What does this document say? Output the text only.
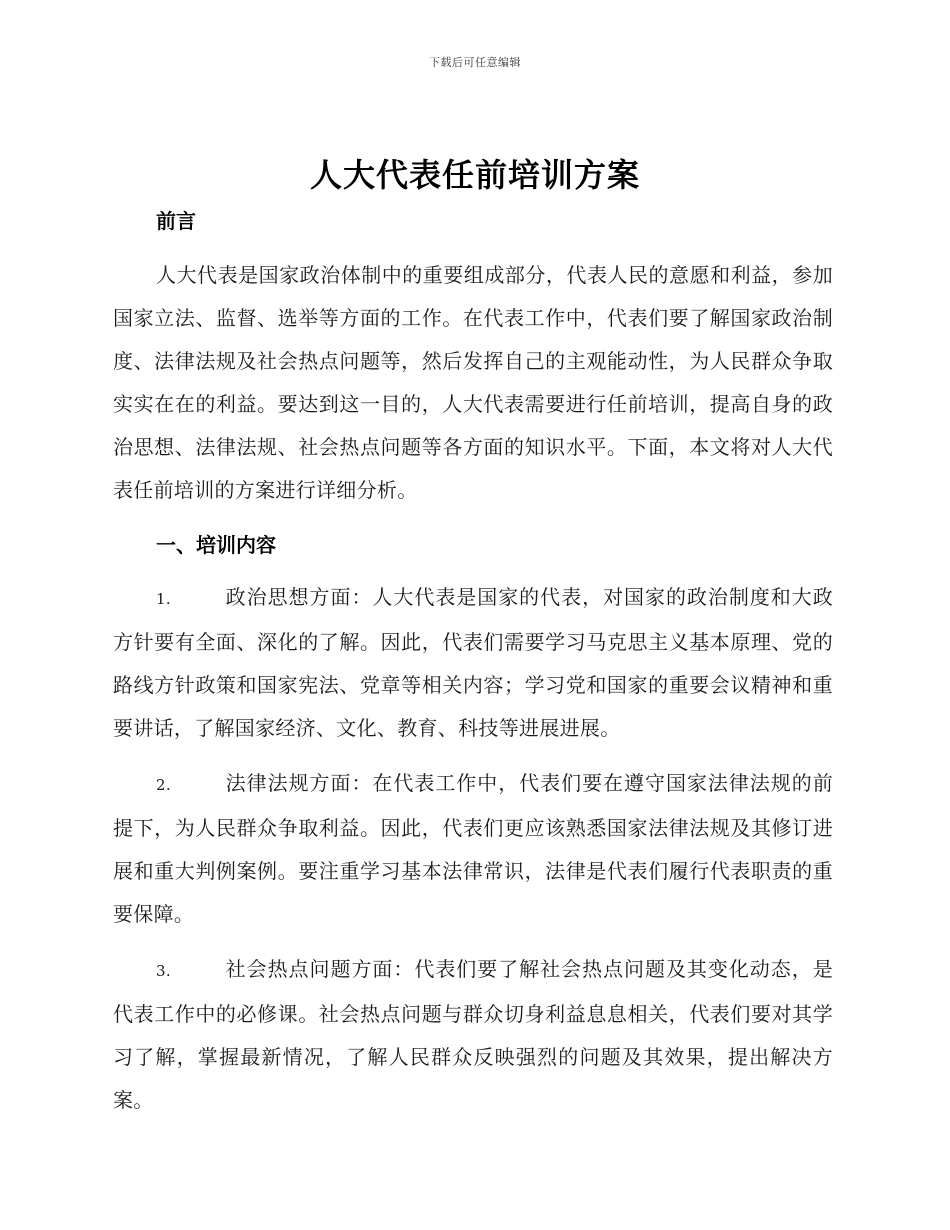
下载后可任意编辑
人大代表任前培训方案
前言

人大代表是国家政治体制中的重要组成部分，代表人民的意愿和利益，参加国家立法、监督、选举等方面的工作。在代表工作中，代表们要了解国家政治制度、法律法规及社会热点问题等，然后发挥自己的主观能动性，为人民群众争取实实在在的利益。要达到这一目的，人大代表需要进行任前培训，提高自身的政治思想、法律法规、社会热点问题等各方面的知识水平。下面，本文将对人大代表任前培训的方案进行详细分析。

一、培训内容
1.	政治思想方面：人大代表是国家的代表，对国家的政治制度和大政方针要有全面、深化的了解。因此，代表们需要学习马克思主义基本原理、党的路线方针政策和国家宪法、党章等相关内容；学习党和国家的重要会议精神和重要讲话，了解国家经济、文化、教育、科技等进展进展。
2.	法律法规方面：在代表工作中，代表们要在遵守国家法律法规的前提下，为人民群众争取利益。因此，代表们更应该熟悉国家法律法规及其修订进展和重大判例案例。要注重学习基本法律常识，法律是代表们履行代表职责的重要保障。
3.	社会热点问题方面：代表们要了解社会热点问题及其变化动态，是代表工作中的必修课。社会热点问题与群众切身利益息息相关，代表们要对其学习了解，掌握最新情况，了解人民群众反映强烈的问题及其效果，提出解决方案。
